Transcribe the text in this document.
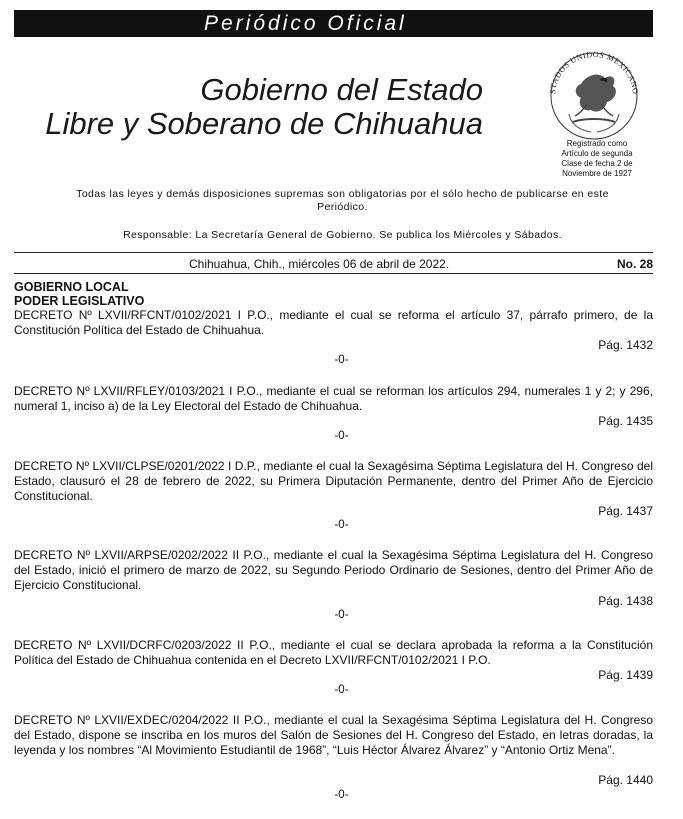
Periódico Oficial
Gobierno del Estado
Libre y Soberano de Chihuahua
STADOS UNIDOS MEXICANO
Registrado como Artículo de segunda Clase de fecha 2 de Noviembre de 1927
Todas las leyes y demás disposiciones supremas son obligatorias por el sólo hecho de publicarse en este Periódico.
Responsable: La Secretaría General de Gobierno. Se publica los Miércoles y Sábados.
Chihuahua, Chih., miércoles 06 de abril de 2022.	No. 28
GOBIERNO LOCAL
PODER LEGISLATIVO
DECRETO Nº LXVII/RFCNT/0102/2021 I P.O., mediante el cual se reforma el artículo 37, párrafo primero, de la Constitución Política del Estado de Chihuahua.
Pág. 1432
-0-
DECRETO Nº LXVII/RFLEY/0103/2021 I P.O., mediante el cual se reforman los artículos 294, numerales 1 y 2; y 296, numeral 1, inciso a) de la Ley Electoral del Estado de Chihuahua.
Pág. 1435
-0-
DECRETO Nº LXVII/CLPSE/0201/2022 I D.P., mediante el cual la Sexagésima Séptima Legislatura del H. Congreso del Estado, clausuró el 28 de febrero de 2022, su Primera Diputación Permanente, dentro del Primer Año de Ejercicio Constitucional.
Pág. 1437
-0-
DECRETO Nº LXVII/ARPSE/0202/2022 II P.O., mediante el cual la Sexagésima Séptima Legislatura del H. Congreso del Estado, inició el primero de marzo de 2022, su Segundo Periodo Ordinario de Sesiones, dentro del Primer Año de Ejercicio Constitucional.
Pág. 1438
-0-
DECRETO Nº LXVII/DCRFC/0203/2022 II P.O., mediante el cual se declara aprobada la reforma a la Constitución Política del Estado de Chihuahua contenida en el Decreto LXVII/RFCNT/0102/2021 I P.O.
Pág. 1439
-0-
DECRETO Nº LXVII/EXDEC/0204/2022 II P.O., mediante el cual la Sexagésima Séptima Legislatura del H. Congreso del Estado, dispone se inscriba en los muros del Salón de Sesiones del H. Congreso del Estado, en letras doradas, la leyenda y los nombres “Al Movimiento Estudiantil de 1968”, “Luis Héctor Álvarez Álvarez” y “Antonio Ortiz Mena”.
Pág. 1440
-0-
